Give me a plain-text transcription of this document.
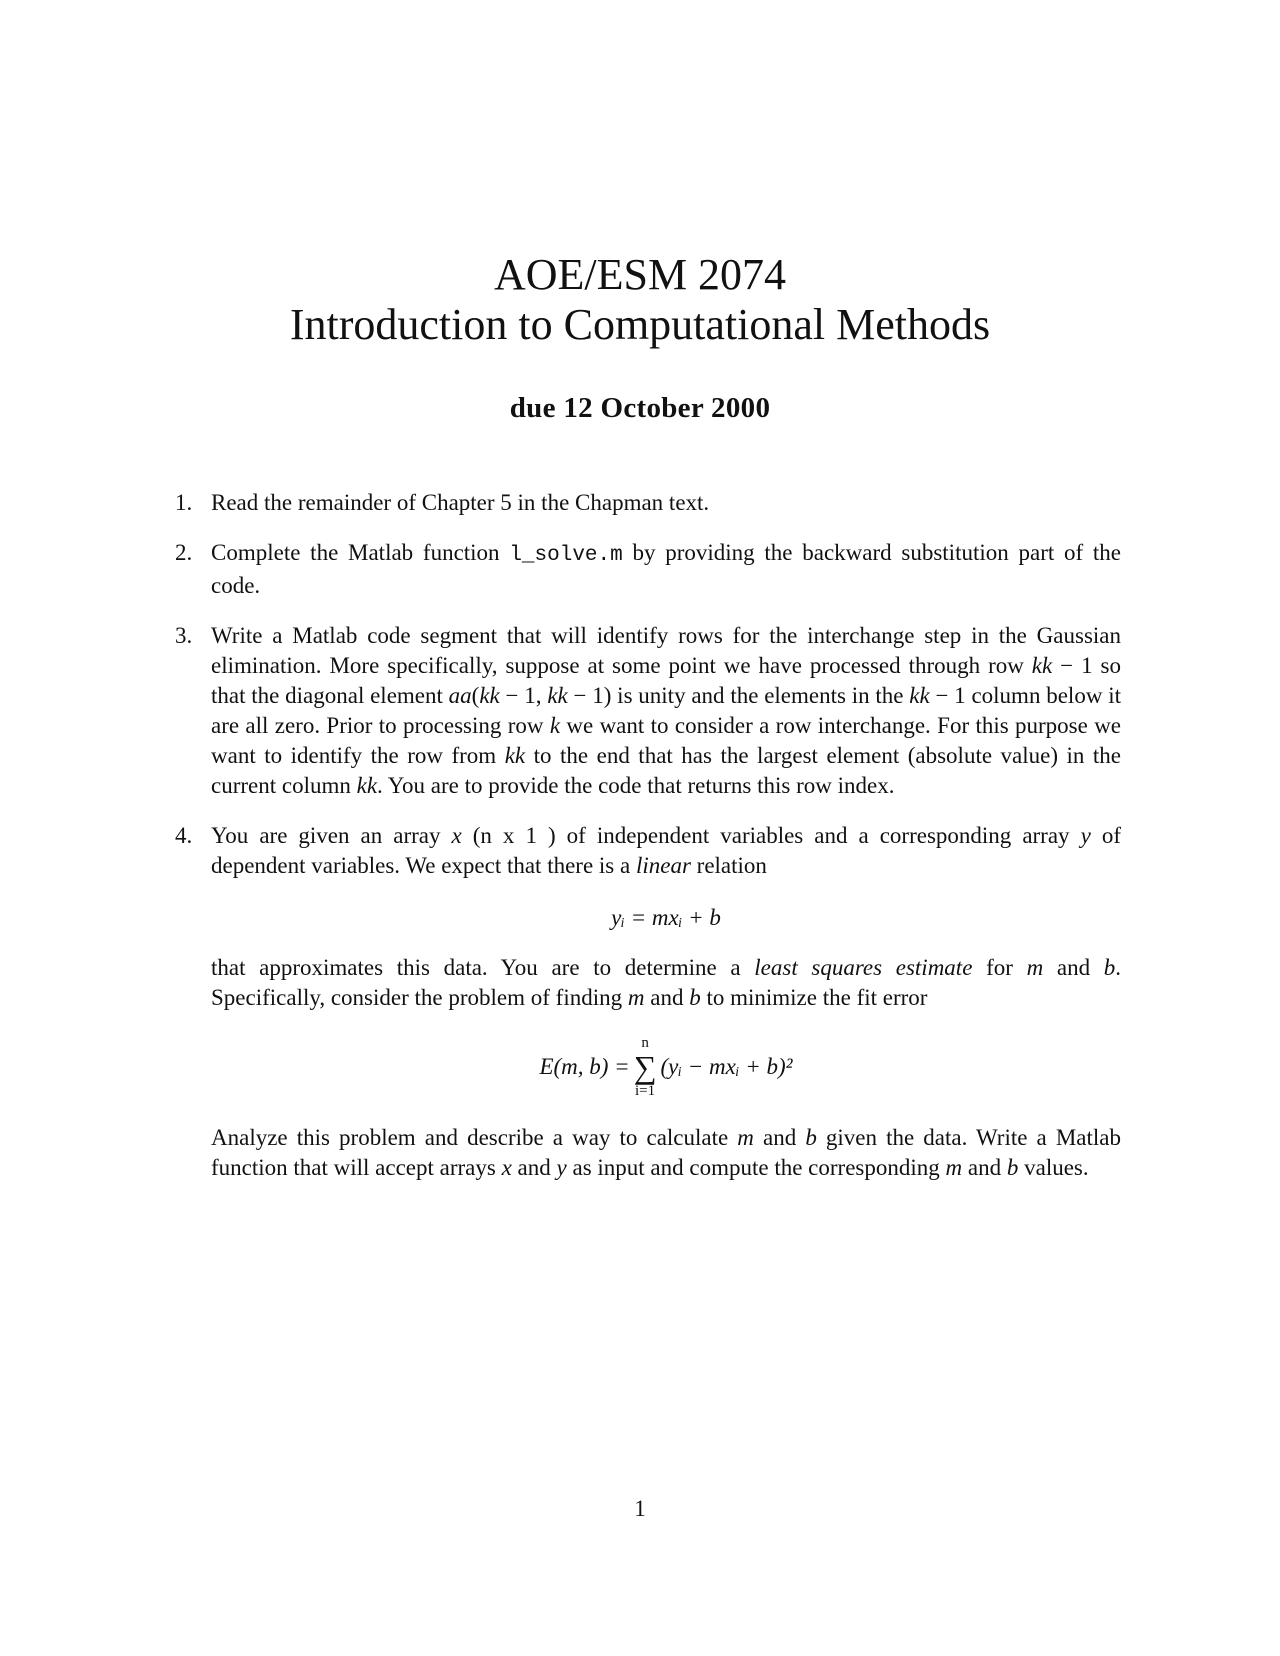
AOE/ESM 2074
Introduction to Computational Methods
due 12 October 2000
1. Read the remainder of Chapter 5 in the Chapman text.
2. Complete the Matlab function l_solve.m by providing the backward substitution part of the code.
3. Write a Matlab code segment that will identify rows for the interchange step in the Gaussian elimination. More specifically, suppose at some point we have processed through row kk − 1 so that the diagonal element aa(kk − 1, kk − 1) is unity and the elements in the kk − 1 column below it are all zero. Prior to processing row k we want to consider a row interchange. For this purpose we want to identify the row from kk to the end that has the largest element (absolute value) in the current column kk. You are to provide the code that returns this row index.
4. You are given an array x (n x 1 ) of independent variables and a corresponding array y of dependent variables. We expect that there is a linear relation
yᵢ = mxᵢ + b
that approximates this data. You are to determine a least squares estimate for m and b. Specifically, consider the problem of finding m and b to minimize the fit error
E(m, b) =
n
∑
i=1
(yᵢ − mxᵢ + b)²
Analyze this problem and describe a way to calculate m and b given the data. Write a Matlab function that will accept arrays x and y as input and compute the corresponding m and b values.
1
